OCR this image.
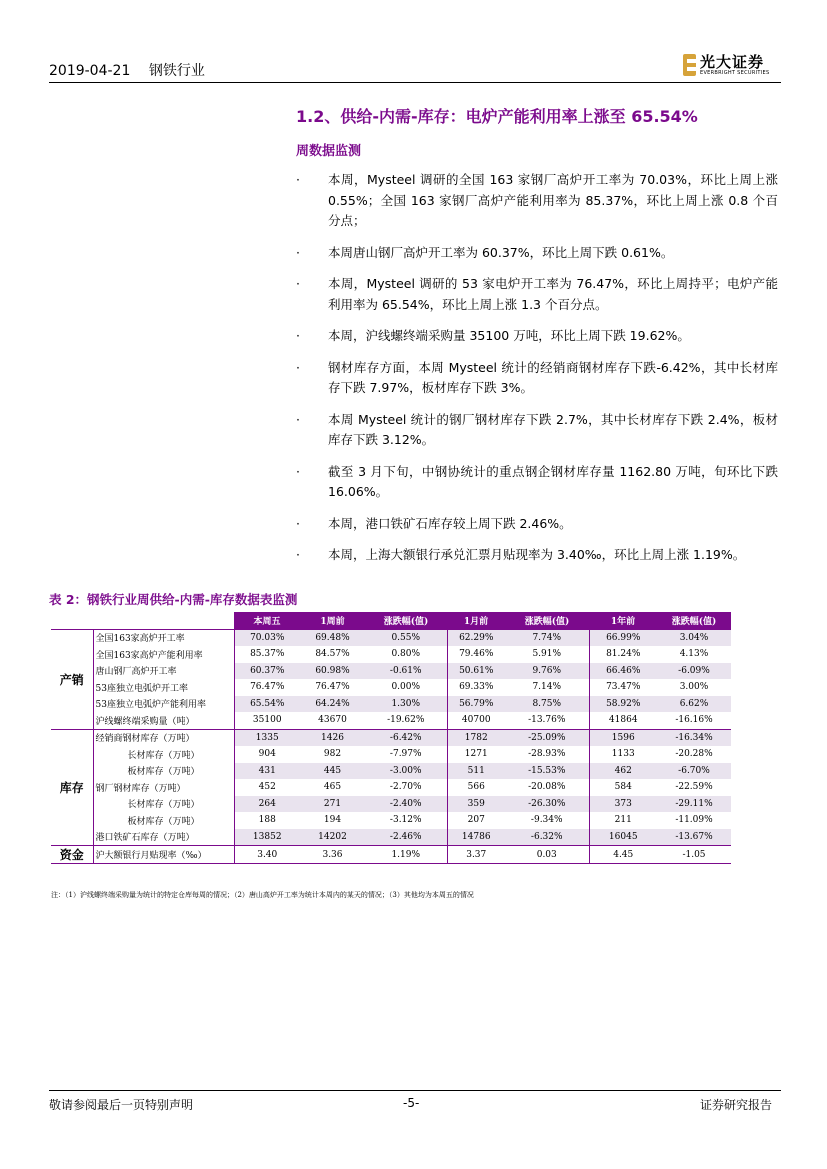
2019-04-21 钢铁行业	光大证券
EVERBRIGHT SECURITIES
1.2、供给-内需-库存：电炉产能利用率上涨至 65.54%
周数据监测
· 本周，Mysteel 调研的全国 163 家钢厂高炉开工率为 70.03%，环比上周上涨 0.55%；全国 163 家钢厂高炉产能利用率为 85.37%，环比上周上涨 0.8 个百分点；
· 本周唐山钢厂高炉开工率为 60.37%，环比上周下跌 0.61%。
· 本周，Mysteel 调研的 53 家电炉开工率为 76.47%，环比上周持平；电炉产能利用率为 65.54%，环比上周上涨 1.3 个百分点。
· 本周，沪线螺终端采购量 35100 万吨，环比上周下跌 19.62%。
· 钢材库存方面，本周 Mysteel 统计的经销商钢材库存下跌-6.42%，其中长材库存下跌 7.97%，板材库存下跌 3%。
· 本周 Mysteel 统计的钢厂钢材库存下跌 2.7%，其中长材库存下跌 2.4%，板材库存下跌 3.12%。
· 截至 3 月下旬，中钢协统计的重点钢企钢材库存量 1162.80 万吨，旬环比下跌 16.06%。
· 本周，港口铁矿石库存较上周下跌 2.46%。
· 本周，上海大额银行承兑汇票月贴现率为 3.40‰，环比上周上涨 1.19%。
表 2：钢铁行业周供给-内需-库存数据表监测
		本周五	1周前	涨跌幅(值)	1月前	涨跌幅(值)	1年前	涨跌幅(值)
产销	全国163家高炉开工率	70.03%	69.48%	0.55%	62.29%	7.74%	66.99%	3.04%
	全国163家高炉产能利用率	85.37%	84.57%	0.80%	79.46%	5.91%	81.24%	4.13%
	唐山钢厂高炉开工率	60.37%	60.98%	-0.61%	50.61%	9.76%	66.46%	-6.09%
	53座独立电弧炉开工率	76.47%	76.47%	0.00%	69.33%	7.14%	73.47%	3.00%
	53座独立电弧炉产能利用率	65.54%	64.24%	1.30%	56.79%	8.75%	58.92%	6.62%
	沪线螺终端采购量（吨）	35100	43670	-19.62%	40700	-13.76%	41864	-16.16%
库存	经销商钢材库存（万吨）	1335	1426	-6.42%	1782	-25.09%	1596	-16.34%
	长材库存（万吨）	904	982	-7.97%	1271	-28.93%	1133	-20.28%
	板材库存（万吨）	431	445	-3.00%	511	-15.53%	462	-6.70%
	钢厂钢材库存（万吨）	452	465	-2.70%	566	-20.08%	584	-22.59%
	长材库存（万吨）	264	271	-2.40%	359	-26.30%	373	-29.11%
	板材库存（万吨）	188	194	-3.12%	207	-9.34%	211	-11.09%
	港口铁矿石库存（万吨）	13852	14202	-2.46%	14786	-6.32%	16045	-13.67%
资金	沪大额银行月贴现率（‰）	3.40	3.36	1.19%	3.37	0.03	4.45	-1.05
注：（1）沪线螺终端采购量为统计的特定仓库每周的情况；（2）唐山高炉开工率为统计本周内的某天的情况；（3）其他均为本周五的情况
敬请参阅最后一页特别声明	-5-	证券研究报告
